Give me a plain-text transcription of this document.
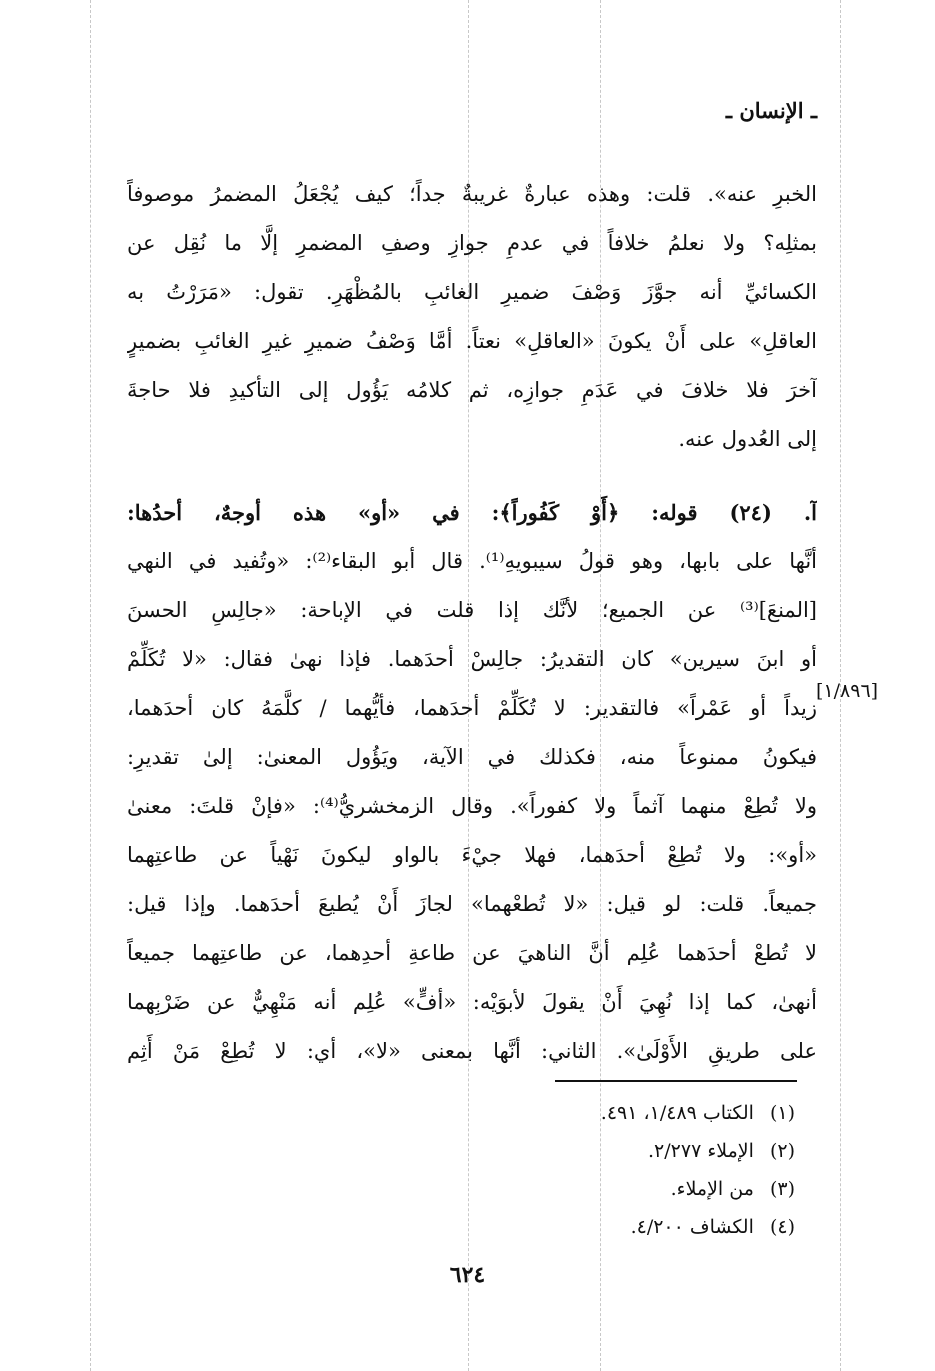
ـ الإنسان ـ
الخبرِ عنه». قلت: وهذه عبارةٌ غريبةٌ جداً؛ كيف يُجْعَلُ المضمرُ موصوفاً
بمثلِه؟ ولا نعلمُ خلافاً في عدمِ جوازِ وصفِ المضمرِ إلَّا ما نُقِل عن
الكسائيِّ أنه جوَّزَ وَصْفَ ضميرِ الغائبِ بالمُظْهَرِ. تقول: «مَرَرْتُ به
العاقلِ» على أَنْ يكونَ «العاقلِ» نعتاً. أمَّا وَصْفُ ضميرِ غيرِ الغائبِ بضميرٍ
آخرَ فلا خلافَ في عَدَمِ جوازِه، ثم كلامُه يَؤُول إلى التأكيدِ فلا حاجةَ
إلى العُدول عنه.
آ. (٢٤) قوله: ﴿أَوْ كَفُوراً﴾: في «أو» هذه أوجهٌ، أحدُها:
أنَّها على بابها، وهو قولُ سيبويهِ⁽¹⁾. قال أبو البقاء⁽²⁾: «وتُفيد في النهي
[المنعَ]⁽³⁾ عن الجميع؛ لأنَّك إذا قلت في الإباحة: «جالِسِ الحسنَ
أو ابنَ سيرين» كان التقديرُ: جالِسْ أحدَهما. فإذا نهىٰ فقال: «لا تُكَلِّمْ
زيداً أو عَمْراً» فالتقدير: لا تُكَلِّمْ أحدَهما، فأيُّهما / كلَّمَهُ كان أحدَهما،
فيكونُ ممنوعاً منه، فكذلك في الآية، ويَؤُول المعنىٰ: إلىٰ تقديرِ:
ولا تُطِعْ منهما آثماً ولا كفوراً». وقال الزمخشريُّ⁽⁴⁾: «فإنْ قلتَ: معنىٰ
«أو»: ولا تُطِعْ أحدَهما، فهلا جيْءَ بالواو ليكونَ نَهْياً عن طاعتِهما
جميعاً. قلت: لو قيل: «لا تُطعْهما» لجازَ أَنْ يُطيعَ أحدَهما. وإذا قيل:
لا تُطعْ أحدَهما عُلِم أنَّ الناهيَ عن طاعةِ أحدِهما، عن طاعتِهما جميعاً
أنهىٰ، كما إذا نُهِيَ أَنْ يقولَ لأبوَيْه: «أفٍّ» عُلِم أنه مَنْهِيٌّ عن ضَرْبِهما
على طريقِ الأَوْلَىٰ». الثاني: أنَّها بمعنى «لا»، أي: لا تُطِعْ مَنْ أَثِم
[١/٨٩٦]
(١) الكتاب ١/٤٨٩، ٤٩١.
(٢) الإملاء ٢/٢٧٧.
(٣) من الإملاء.
(٤) الكشاف ٤/٢٠٠.
٦٢٤
